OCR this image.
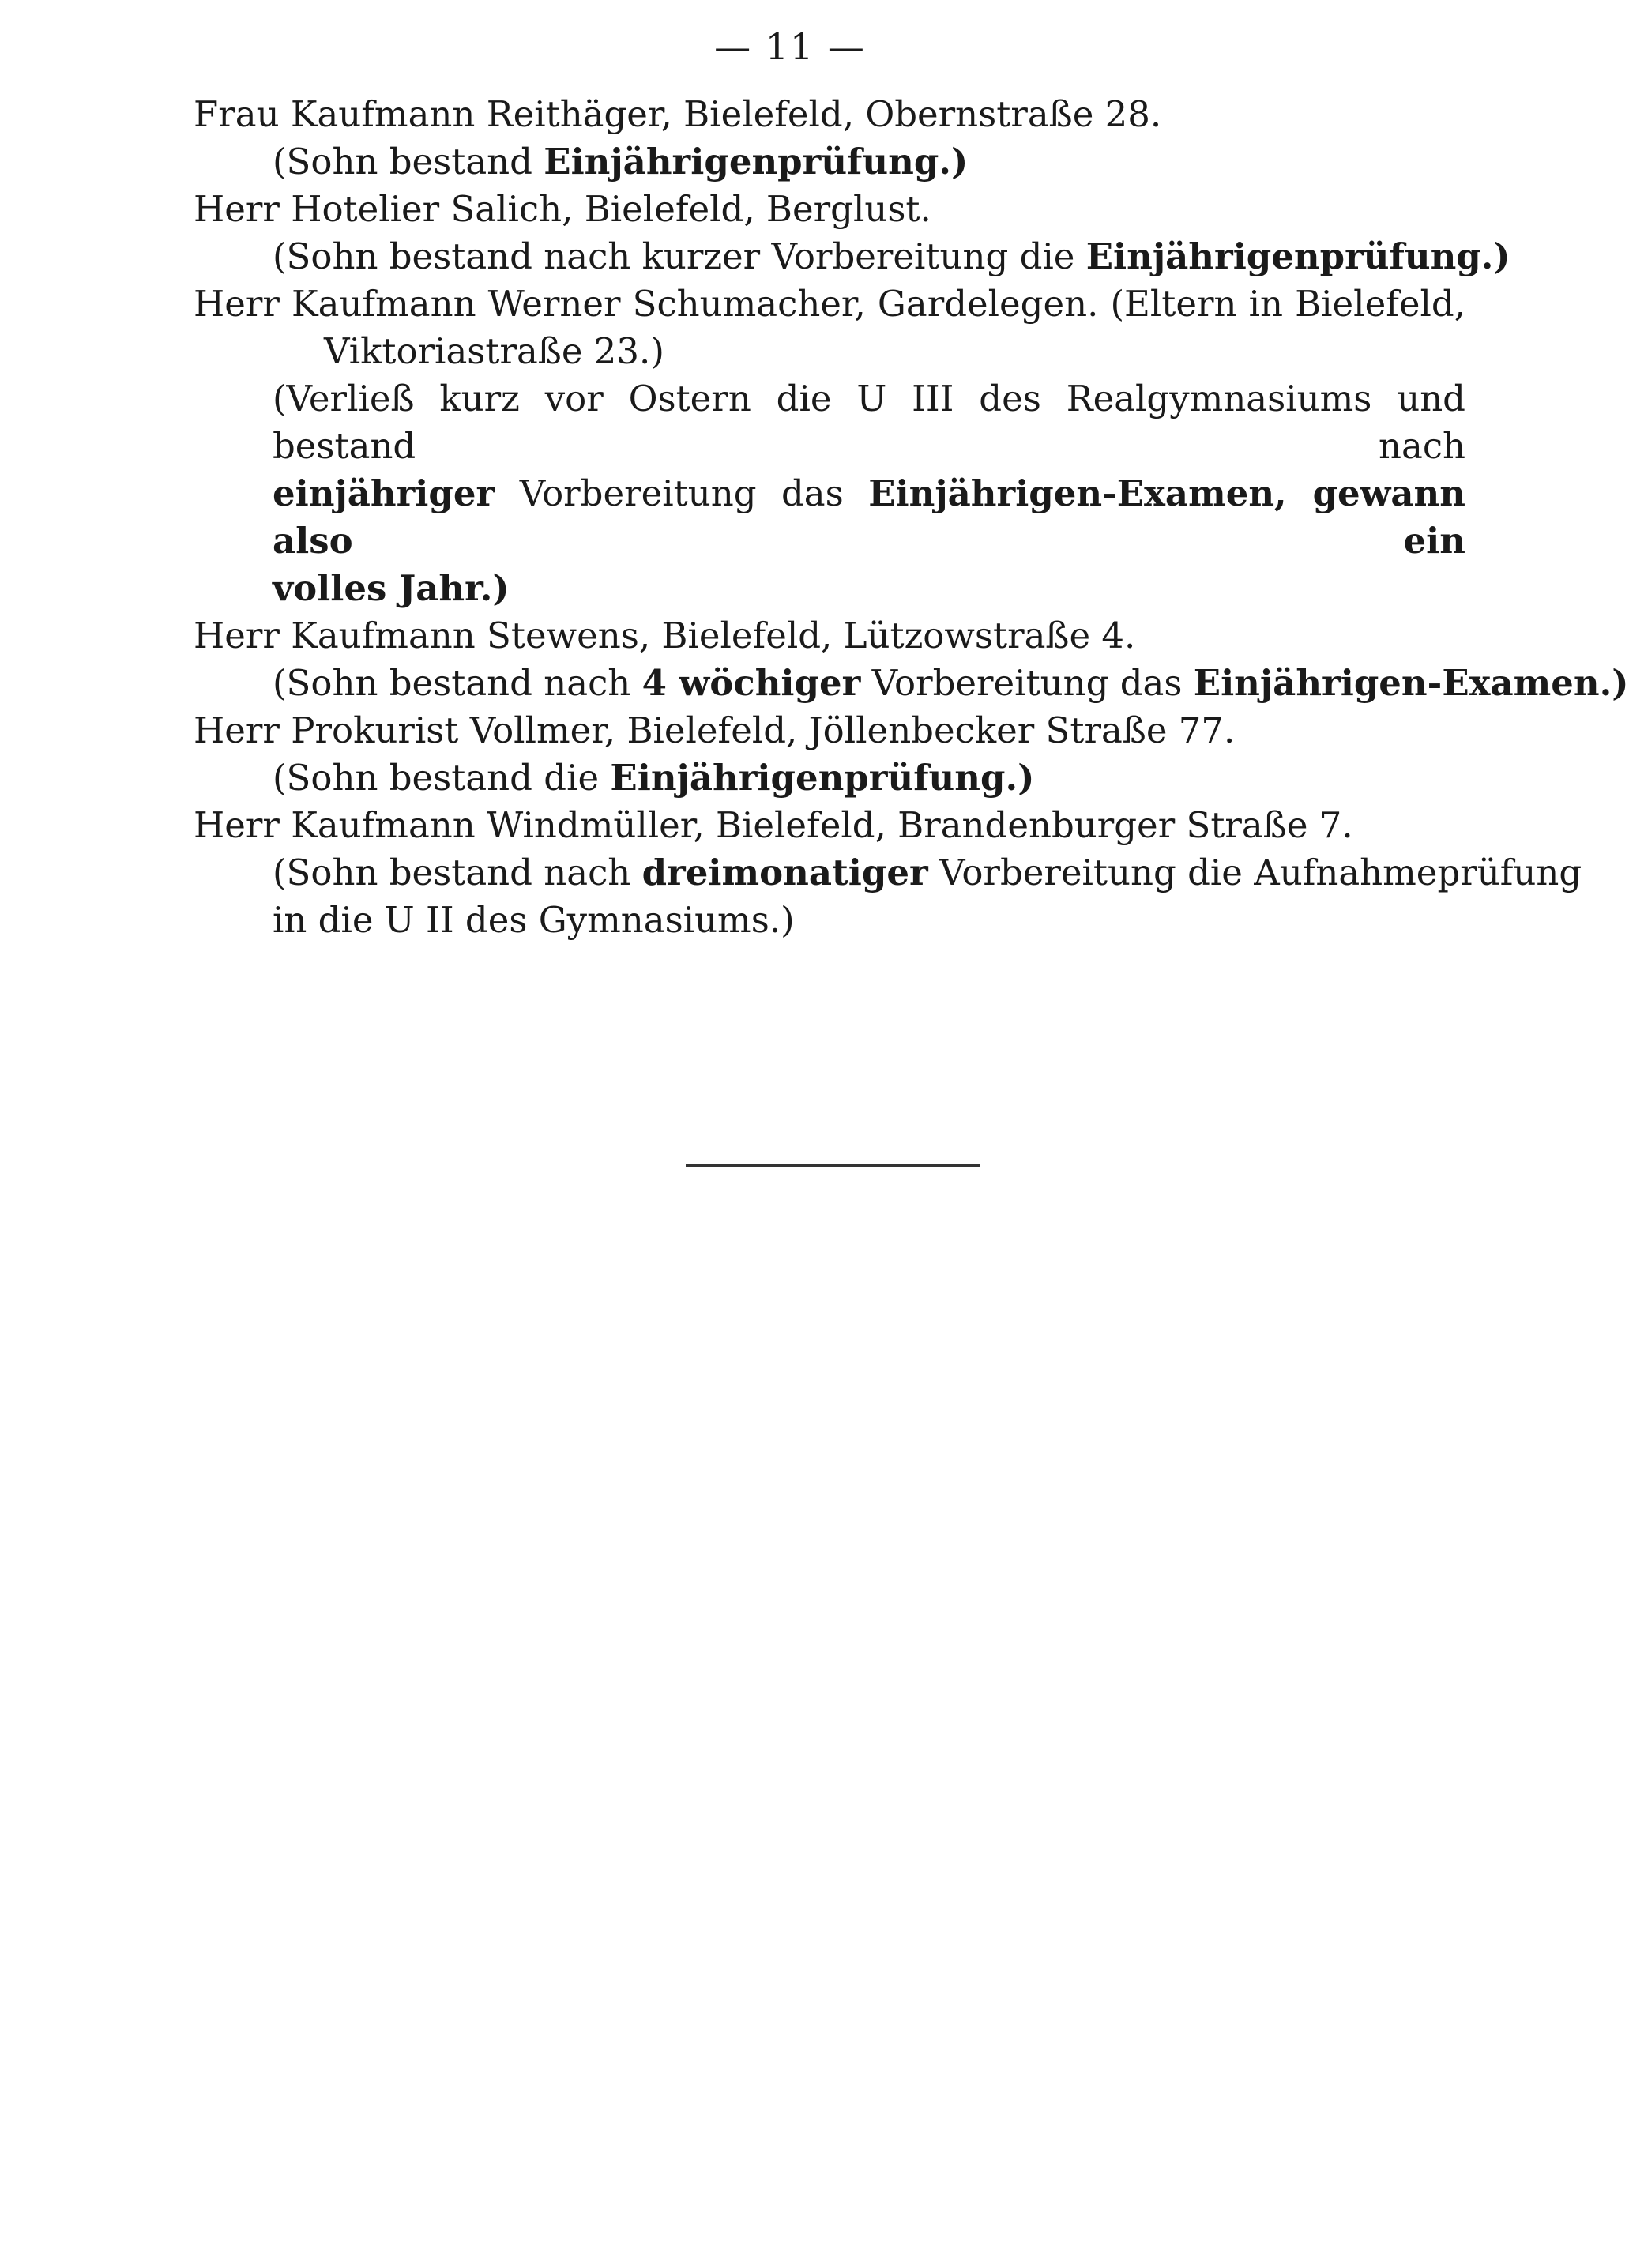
— 11 —
Frau Kaufmann Reithäger, Bielefeld, Obernstraße 28.
(Sohn bestand Einjährigenprüfung.)
Herr Hotelier Salich, Bielefeld, Berglust.
(Sohn bestand nach kurzer Vorbereitung die Einjährigenprüfung.)
Herr Kaufmann Werner Schumacher, Gardelegen. (Eltern in Bielefeld,
Viktoriastraße 23.)
(Verließ kurz vor Ostern die U III des Realgymnasiums und bestand nach
einjähriger Vorbereitung das Einjährigen-Examen, gewann also ein
volles Jahr.)
Herr Kaufmann Stewens, Bielefeld, Lützowstraße 4.
(Sohn bestand nach 4 wöchiger Vorbereitung das Einjährigen-Examen.)
Herr Prokurist Vollmer, Bielefeld, Jöllenbecker Straße 77.
(Sohn bestand die Einjährigenprüfung.)
Herr Kaufmann Windmüller, Bielefeld, Brandenburger Straße 7.
(Sohn bestand nach dreimonatiger Vorbereitung die Aufnahmeprüfung
in die U II des Gymnasiums.)
